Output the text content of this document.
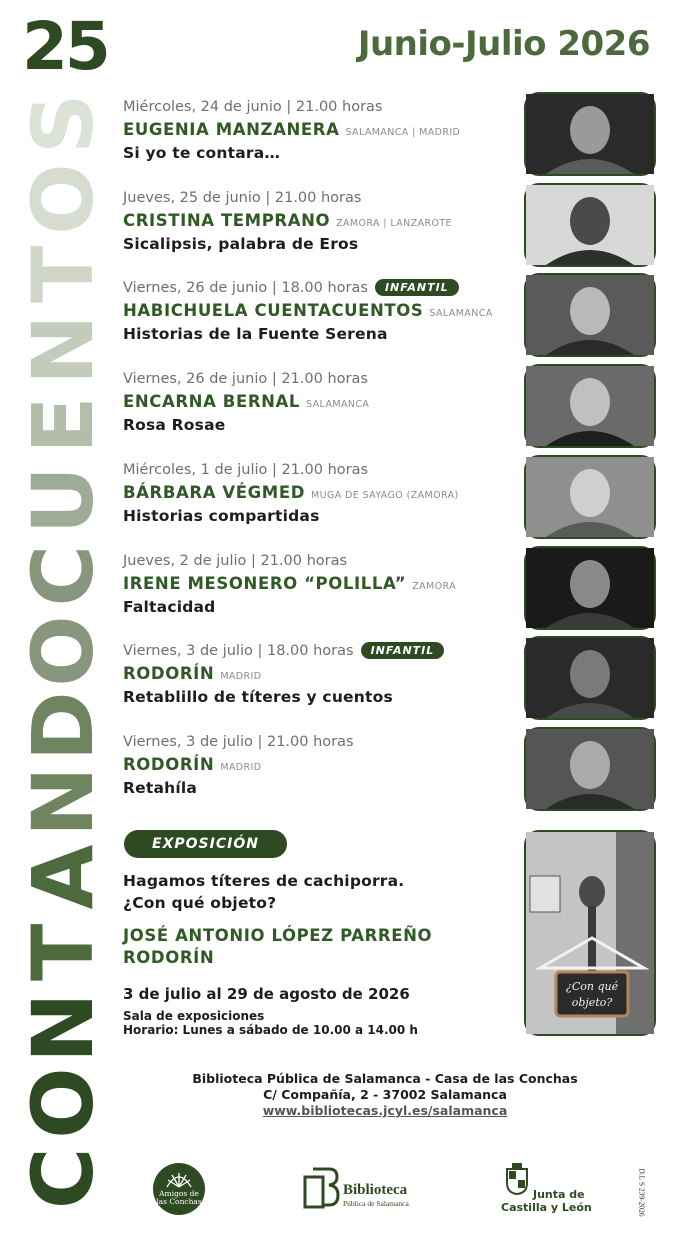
25	Junio-Julio 2026
C
O
N
T
A
N
D
O
C
U
E
N
T
O
S Miércoles, 24 de junio | 21.00 horas
EUGENIA MANZANERA SALAMANCA | MADRID
Si yo te contara…
Jueves, 25 de junio | 21.00 horas
CRISTINA TEMPRANO ZAMORA | LANZAROTE
Sicalipsis, palabra de Eros
Viernes, 26 de junio | 18.00 horas INFANTIL
HABICHUELA CUENTACUENTOS SALAMANCA
Historias de la Fuente Serena
Viernes, 26 de junio | 21.00 horas
ENCARNA BERNAL SALAMANCA
Rosa Rosae
Miércoles, 1 de julio | 21.00 horas
BÁRBARA VÉGMED MUGA DE SAYAGO (ZAMORA)
Historias compartidas
Jueves, 2 de julio | 21.00 horas
IRENE MESONERO “POLILLA” ZAMORA
Faltacidad
Viernes, 3 de julio | 18.00 horas INFANTIL
RODORÍN MADRID
Retablillo de títeres y cuentos
Viernes, 3 de julio | 21.00 horas
RODORÍN MADRID
Retahíla
EXPOSICIÓN
Hagamos títeres de cachiporra.
¿Con qué objeto?
JOSÉ ANTONIO LÓPEZ PARREÑO
RODORÍN
3 de julio al 29 de agosto de 2026
Sala de exposiciones
Horario: Lunes a sábado de 10.00 a 14.00 h
¿Con qué
objeto?
Biblioteca Pública de Salamanca - Casa de las Conchas
C/ Compañía, 2 - 37002 Salamanca
www.bibliotecas.jcyl.es/salamanca
Amigos de las Conchas
Biblioteca
Pública de Salamanca
Junta de
Castilla y León	D.L S 239-2026
